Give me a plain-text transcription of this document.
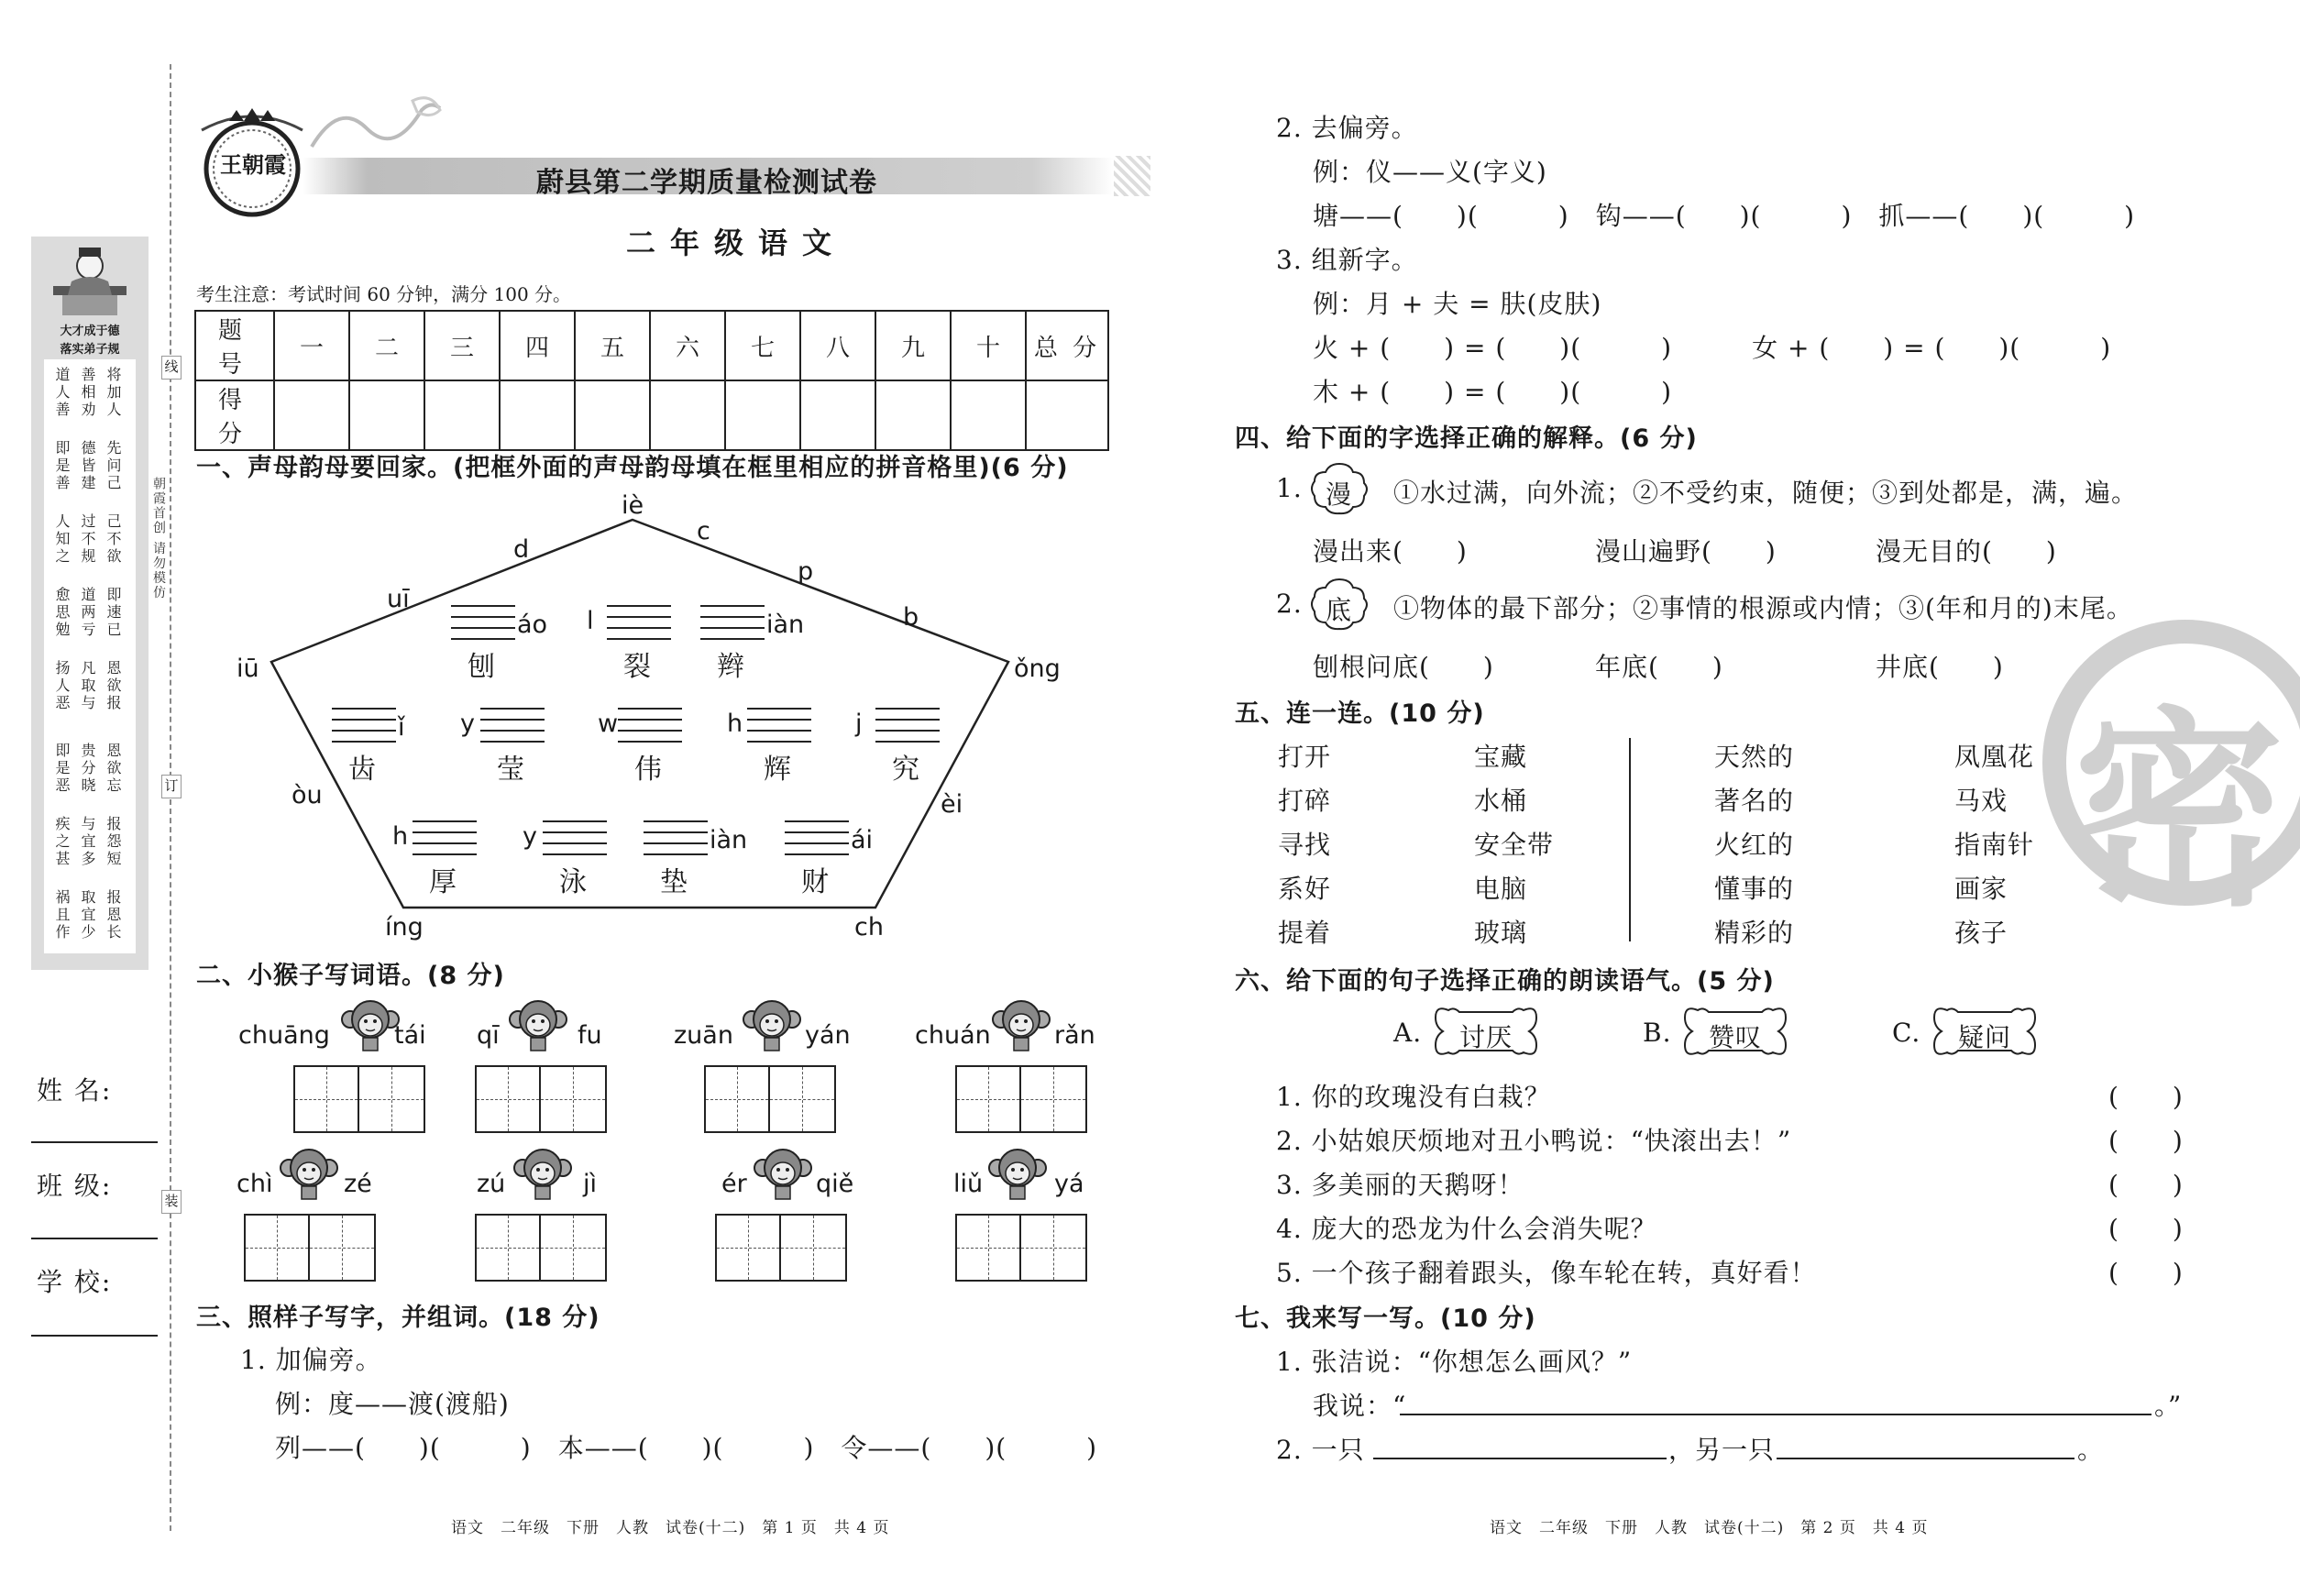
大才成于德
落实弟子规
道人善 善相劝 将加人
即是善 德皆建 先问己
人知之 过不规 己不欲
愈思勉 道两亏 即速已
扬人恶 凡取与 恩欲报
即是恶 贵分晓 恩欲忘
疾之甚 与宜多 报怨短
祸且作 取宜少 报恩长
朝霞首创 请勿模仿
线
订
装
姓 名:
班 级:
学 校:
王朝霞
蔚县第二学期质量检测试卷
二年级语文
考生注意：考试时间 60 分钟，满分 100 分。
题 号	一	二	三	四	五	六	七	八	九	十	总 分
得 分											
一、声母韵母要回家。(把框外面的声母韵母填在框里相应的拼音格里)(6 分)
iè
d
c
p
uī
b
iū	ǒng
òu	èi
íng	ch
áo
刨
l
裂
iàn
辫
ǐ
齿
y
莹
w
伟
h
辉
j
究
h
厚
y
泳
iàn
垫
ái
财
二、小猴子写词语。(8 分)
chuāng	tái qī	fu	zuān	yán	chuán	rǎn
chì	zé	zú	jì	ér	qiě	liǔ	yá
三、照样子写字，并组词。(18 分)
1. 加偏旁。
例：度——渡(渡船)
列——(　　)(　　　)　本——(　　)(　　　)　令——(　　)(　　　)
语文　二年级　下册　人教　试卷(十二)　第 1 页　共 4 页	语文　二年级　下册　人教　试卷(十二)　第 2 页　共 4 页
密
2. 去偏旁。
例：仪——义(字义)
塘——(　　)(　　　)　钩——(　　)(　　　)　抓——(　　)(　　　)
3. 组新字。
例：月 + 夫 = 肤(皮肤)
火 + (　　) = (　　)(　　　)　　　女 + (　　) = (　　)(　　　)
木 + (　　) = (　　)(　　　)
四、给下面的字选择正确的解释。(6 分)
1. 漫 ①水过满，向外流；②不受约束，随便；③到处都是，满，遍。
漫出来(　　)	漫山遍野(　　)	漫无目的(　　)
2. 底 ①物体的最下部分；②事情的根源或内情；③(年和月的)末尾。
刨根问底(　　)	年底(　　)	井底(　　)
五、连一连。(10 分)
打开
打碎
寻找
系好
提着
宝藏
水桶
安全带
电脑
玻璃
天然的
著名的
火红的
懂事的
精彩的
凤凰花
马戏
指南针
画家
孩子
六、给下面的句子选择正确的朗读语气。(5 分)
A. 讨厌	B. 赞叹	C. 疑问
1. 你的玫瑰没有白栽？	(　　)
2. 小姑娘厌烦地对丑小鸭说：“快滚出去！”	(　　)
3. 多美丽的天鹅呀！	(　　)
4. 庞大的恐龙为什么会消失呢？	(　　)
5. 一个孩子翻着跟头，像车轮在转，真好看！	(　　)
七、我来写一写。(10 分)
1. 张洁说：“你想怎么画风？”
我说：“	。”
2. 一只	，另一只	。
